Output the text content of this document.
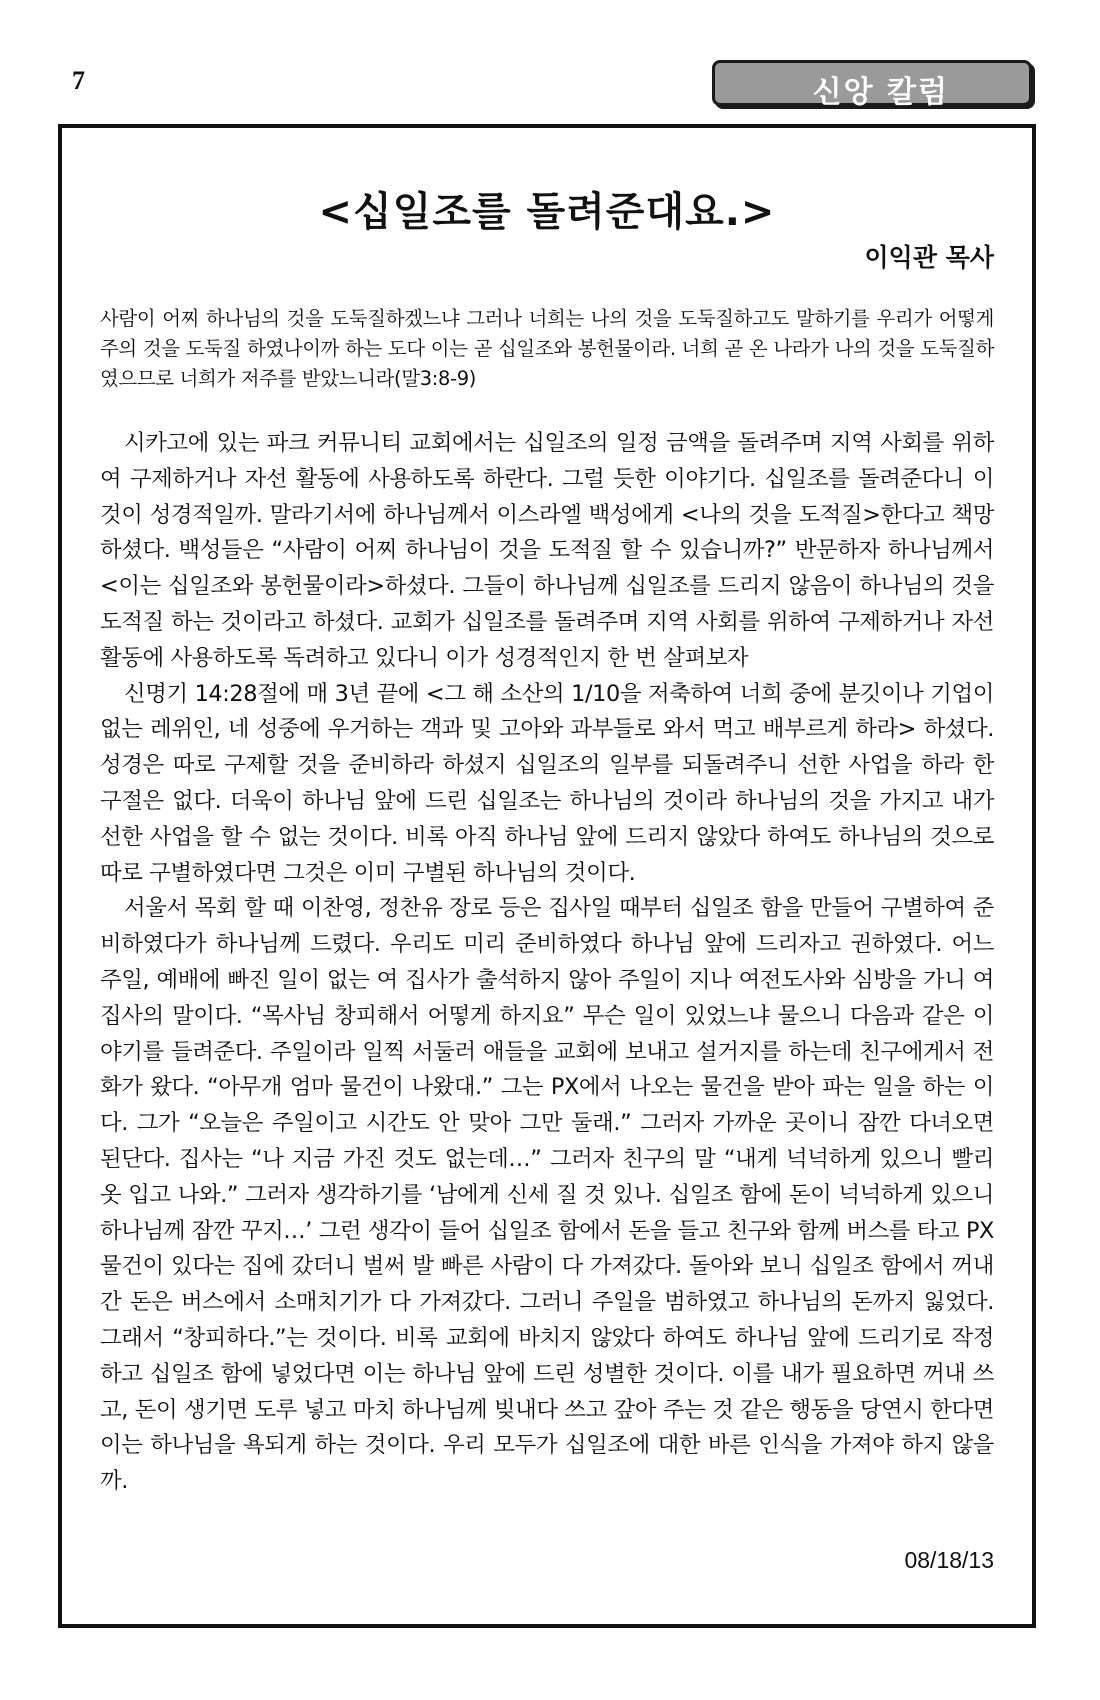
7	신앙 칼럼
<십일조를 돌려준대요.>
이익관 목사
사람이 어찌 하나님의 것을 도둑질하겠느냐 그러나 너희는 나의 것을 도둑질하고도 말하기를 우리가 어떻게 주의 것을 도둑질 하였나이까 하는 도다 이는 곧 십일조와 봉헌물이라. 너희 곧 온 나라가 나의 것을 도둑질하였으므로 너희가 저주를 받았느니라(말3:8-9)

시카고에 있는 파크 커뮤니티 교회에서는 십일조의 일정 금액을 돌려주며 지역 사회를 위하여 구제하거나 자선 활동에 사용하도록 하란다. 그럴 듯한 이야기다. 십일조를 돌려준다니 이것이 성경적일까. 말라기서에 하나님께서 이스라엘 백성에게 <나의 것을 도적질>한다고 책망하셨다. 백성들은 “사람이 어찌 하나님이 것을 도적질 할 수 있습니까?” 반문하자 하나님께서 <이는 십일조와 봉헌물이라>하셨다. 그들이 하나님께 십일조를 드리지 않음이 하나님의 것을 도적질 하는 것이라고 하셨다. 교회가 십일조를 돌려주며 지역 사회를 위하여 구제하거나 자선 활동에 사용하도록 독려하고 있다니 이가 성경적인지 한 번 살펴보자

신명기 14:28절에 매 3년 끝에 <그 해 소산의 1/10을 저축하여 너희 중에 분깃이나 기업이 없는 레위인, 네 성중에 우거하는 객과 및 고아와 과부들로 와서 먹고 배부르게 하라> 하셨다. 성경은 따로 구제할 것을 준비하라 하셨지 십일조의 일부를 되돌려주니 선한 사업을 하라 한 구절은 없다. 더욱이 하나님 앞에 드린 십일조는 하나님의 것이라 하나님의 것을 가지고 내가 선한 사업을 할 수 없는 것이다. 비록 아직 하나님 앞에 드리지 않았다 하여도 하나님의 것으로 따로 구별하였다면 그것은 이미 구별된 하나님의 것이다.

서울서 목회 할 때 이찬영, 정찬유 장로 등은 집사일 때부터 십일조 함을 만들어 구별하여 준비하였다가 하나님께 드렸다. 우리도 미리 준비하였다 하나님 앞에 드리자고 권하였다. 어느 주일, 예배에 빠진 일이 없는 여 집사가 출석하지 않아 주일이 지나 여전도사와 심방을 가니 여 집사의 말이다. “목사님 창피해서 어떻게 하지요” 무슨 일이 있었느냐 물으니 다음과 같은 이야기를 들려준다. 주일이라 일찍 서둘러 애들을 교회에 보내고 설거지를 하는데 친구에게서 전화가 왔다. “아무개 엄마 물건이 나왔대.” 그는 PX에서 나오는 물건을 받아 파는 일을 하는 이다. 그가 “오늘은 주일이고 시간도 안 맞아 그만 둘래.” 그러자 가까운 곳이니 잠깐 다녀오면 된단다. 집사는 “나 지금 가진 것도 없는데…” 그러자 친구의 말 “내게 넉넉하게 있으니 빨리 옷 입고 나와.” 그러자 생각하기를 ‘남에게 신세 질 것 있나. 십일조 함에 돈이 넉넉하게 있으니 하나님께 잠깐 꾸지…’ 그런 생각이 들어 십일조 함에서 돈을 들고 친구와 함께 버스를 타고 PX 물건이 있다는 집에 갔더니 벌써 발 빠른 사람이 다 가져갔다. 돌아와 보니 십일조 함에서 꺼내 간 돈은 버스에서 소매치기가 다 가져갔다. 그러니 주일을 범하였고 하나님의 돈까지 잃었다. 그래서 “창피하다.”는 것이다. 비록 교회에 바치지 않았다 하여도 하나님 앞에 드리기로 작정하고 십일조 함에 넣었다면 이는 하나님 앞에 드린 성별한 것이다. 이를 내가 필요하면 꺼내 쓰고, 돈이 생기면 도루 넣고 마치 하나님께 빚내다 쓰고 갚아 주는 것 같은 행동을 당연시 한다면 이는 하나님을 욕되게 하는 것이다. 우리 모두가 십일조에 대한 바른 인식을 가져야 하지 않을까.

08/18/13
